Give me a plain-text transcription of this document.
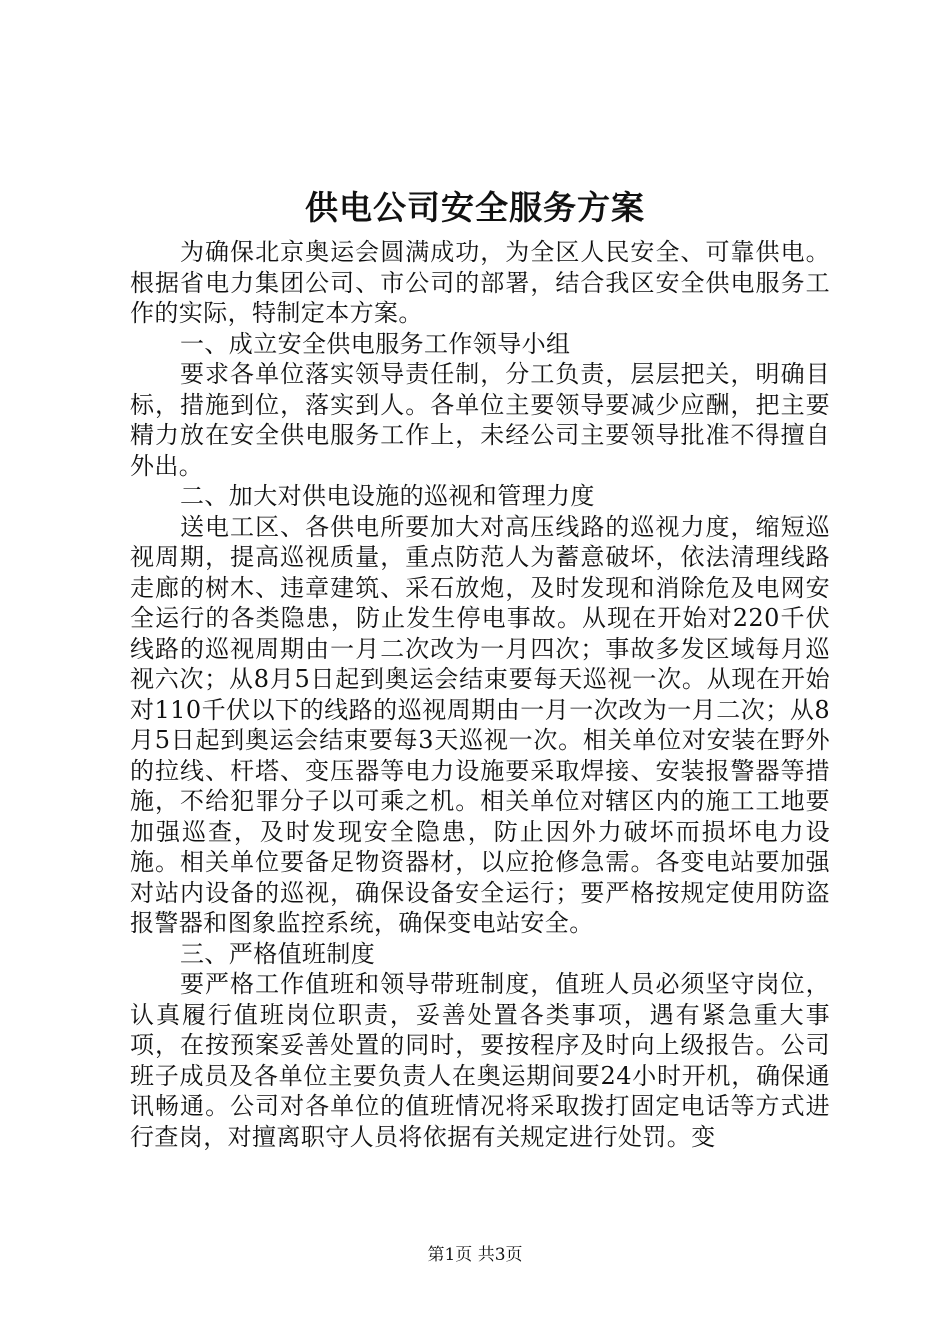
供电公司安全服务方案

为确保北京奥运会圆满成功，为全区人民安全、可靠供电。根据省电力集团公司、市公司的部署，结合我区安全供电服务工作的实际，特制定本方案。

一、成立安全供电服务工作领导小组

要求各单位落实领导责任制，分工负责，层层把关，明确目标，措施到位，落实到人。各单位主要领导要减少应酬，把主要精力放在安全供电服务工作上，未经公司主要领导批准不得擅自外出。

二、加大对供电设施的巡视和管理力度

送电工区、各供电所要加大对高压线路的巡视力度，缩短巡视周期，提高巡视质量，重点防范人为蓄意破坏，依法清理线路走廊的树木、违章建筑、采石放炮，及时发现和消除危及电网安全运行的各类隐患，防止发生停电事故。从现在开始对220千伏线路的巡视周期由一月二次改为一月四次；事故多发区域每月巡视六次；从8月5日起到奥运会结束要每天巡视一次。从现在开始对110千伏以下的线路的巡视周期由一月一次改为一月二次；从8月5日起到奥运会结束要每3天巡视一次。相关单位对安装在野外的拉线、杆塔、变压器等电力设施要采取焊接、安装报警器等措施，不给犯罪分子以可乘之机。相关单位对辖区内的施工工地要加强巡查，及时发现安全隐患，防止因外力破坏而损坏电力设施。相关单位要备足物资器材，以应抢修急需。各变电站要加强对站内设备的巡视，确保设备安全运行；要严格按规定使用防盗报警器和图象监控系统，确保变电站安全。

三、严格值班制度

要严格工作值班和领导带班制度，值班人员必须坚守岗位，认真履行值班岗位职责，妥善处置各类事项，遇有紧急重大事项，在按预案妥善处置的同时，要按程序及时向上级报告。公司班子成员及各单位主要负责人在奥运期间要24小时开机，确保通讯畅通。公司对各单位的值班情况将采取拨打固定电话等方式进行查岗，对擅离职守人员将依据有关规定进行处罚。变

第1页 共3页
